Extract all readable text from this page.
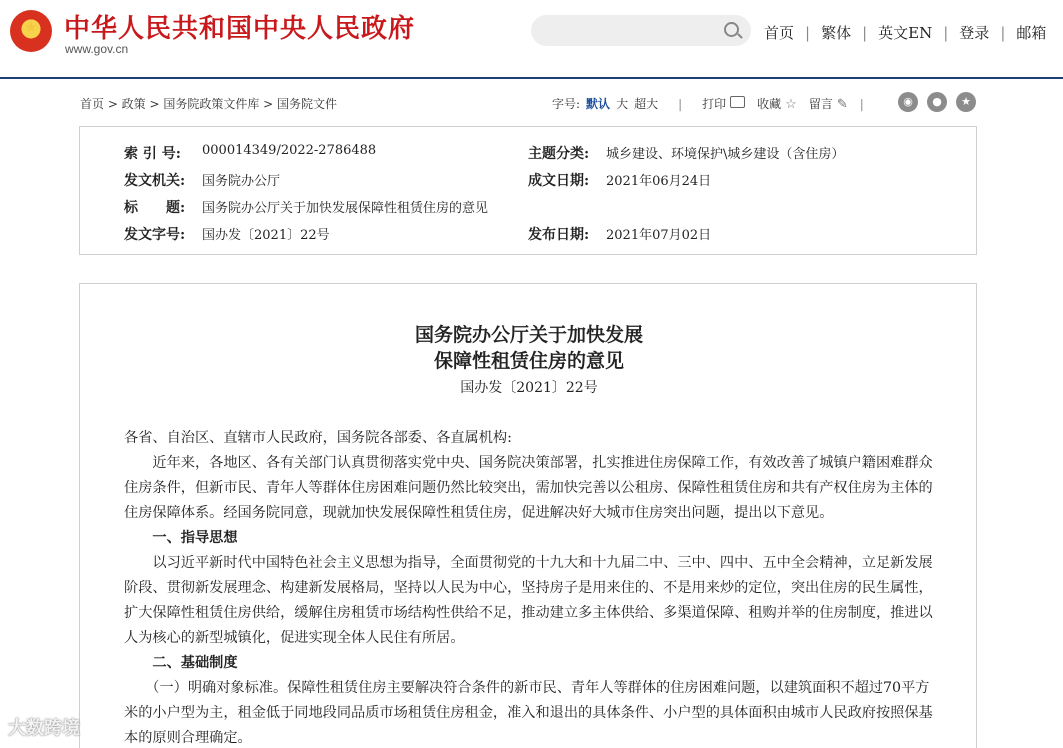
中华人民共和国中央人民政府
www.gov.cn
首页 | 繁体 | 英文EN | 登录 | 邮箱
首页 > 政策 > 国务院政策文件库 > 国务院文件	字号: 默认 大 超大 | 打印	收藏 ☆ 留言 ✎ |	◉	●	★
索 引 号: 000014349/2022-2786488	主题分类: 城乡建设、环境保护\城乡建设（含住房）
发文机关: 国务院办公厅	成文日期: 2021年06月24日
标　　题: 国务院办公厅关于加快发展保障性租赁住房的意见
发文字号: 国办发〔2021〕22号	发布日期: 2021年07月02日
国务院办公厅关于加快发展
保障性租赁住房的意见
国办发〔2021〕22号
各省、自治区、直辖市人民政府，国务院各部委、各直属机构:
　　近年来，各地区、各有关部门认真贯彻落实党中央、国务院决策部署，扎实推进住房保障工作，有效改善了城镇户籍困难群众
住房条件，但新市民、青年人等群体住房困难问题仍然比较突出，需加快完善以公租房、保障性租赁住房和共有产权住房为主体的
住房保障体系。经国务院同意，现就加快发展保障性租赁住房，促进解决好大城市住房突出问题，提出以下意见。
　　一、指导思想
　　以习近平新时代中国特色社会主义思想为指导，全面贯彻党的十九大和十九届二中、三中、四中、五中全会精神，立足新发展
阶段、贯彻新发展理念、构建新发展格局，坚持以人民为中心，坚持房子是用来住的、不是用来炒的定位，突出住房的民生属性，
扩大保障性租赁住房供给，缓解住房租赁市场结构性供给不足，推动建立多主体供给、多渠道保障、租购并举的住房制度，推进以
人为核心的新型城镇化，促进实现全体人民住有所居。
　　二、基础制度
　　（一）明确对象标准。保障性租赁住房主要解决符合条件的新市民、青年人等群体的住房困难问题，以建筑面积不超过70平方
米的小户型为主，租金低于同地段同品质市场租赁住房租金，准入和退出的具体条件、小户型的具体面积由城市人民政府按照保基
本的原则合理确定。
大数跨境
